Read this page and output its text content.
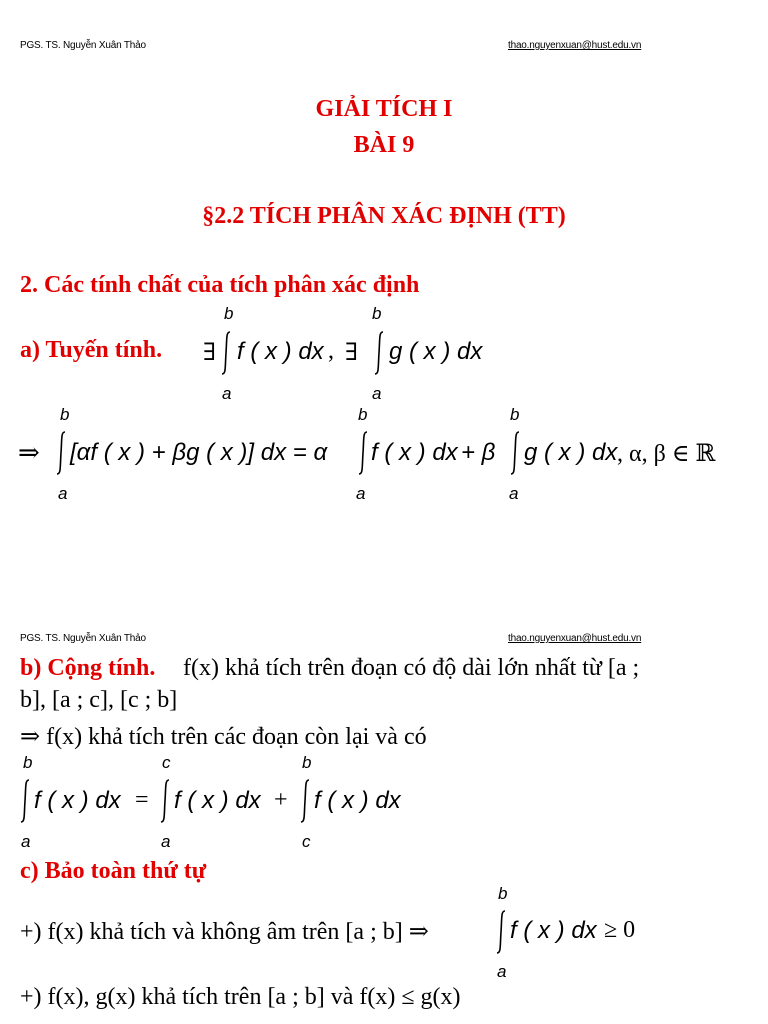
PGS. TS. Nguyễn Xuân Thảo	thao.nguyenxuan@hust.edu.vn
GIẢI TÍCH I
BÀI 9
§2.2 TÍCH PHÂN XÁC ĐỊNH (TT)
2. Các tính chất của tích phân xác định
a) Tuyến tính. ∃
b
a
f ( x ) dx , ∃
b
a
g ( x ) dx
⇒
b
a
[αf ( x ) + βg ( x )] dx = α
b
a
f ( x ) dx + β
b
a
g ( x ) dx , α, β ∈ ℝ
PGS. TS. Nguyễn Xuân Thảo	thao.nguyenxuan@hust.edu.vn
b) Cộng tính. f(x) khả tích trên đoạn có độ dài lớn nhất từ [a ;
b], [a ; c], [c ; b]
⇒ f(x) khả tích trên các đoạn còn lại và có
b
a
f ( x ) dx =
c
a
f ( x ) dx +
b
c
f ( x ) dx
c) Bảo toàn thứ tự
+) f(x) khả tích và không âm trên [a ; b] ⇒
b
a
f ( x ) dx ≥ 0
+) f(x), g(x) khả tích trên [a ; b] và f(x) ≤ g(x)
